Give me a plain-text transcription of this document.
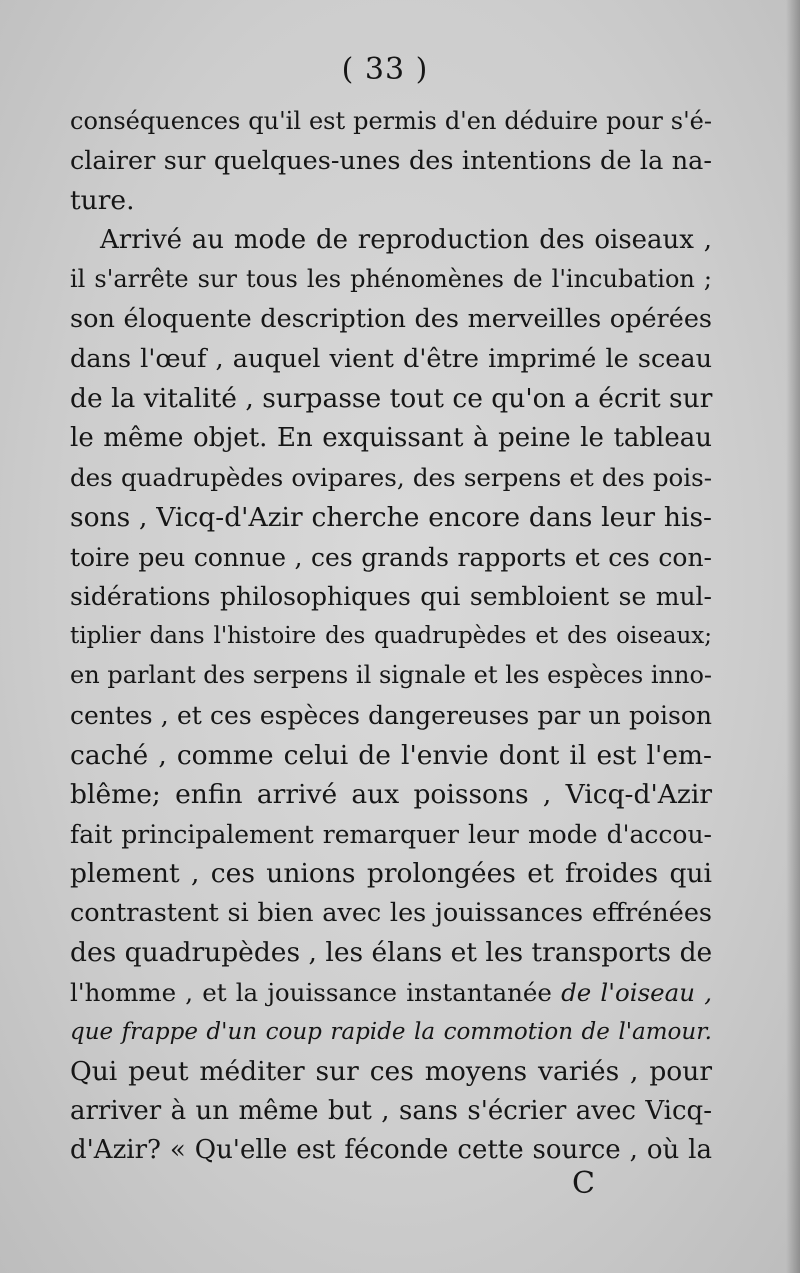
( 33 )
conséquences qu'il est permis d'en déduire pour s'é-
clairer sur quelques-unes des intentions de la na-
ture.
Arrivé au mode de reproduction des oiseaux ,
il s'arrête sur tous les phénomènes de l'incubation ;
son éloquente description des merveilles opérées
dans l'œuf , auquel vient d'être imprimé le sceau
de la vitalité , surpasse tout ce qu'on a écrit sur
le même objet. En exquissant à peine le tableau
des quadrupèdes ovipares, des serpens et des pois-
sons , Vicq-d'Azir cherche encore dans leur his-
toire peu connue , ces grands rapports et ces con-
sidérations philosophiques qui sembloient se mul-
tiplier dans l'histoire des quadrupèdes et des oiseaux;
en parlant des serpens il signale et les espèces inno-
centes , et ces espèces dangereuses par un poison
caché , comme celui de l'envie dont il est l'em-
blême; enfin arrivé aux poissons , Vicq-d'Azir
fait principalement remarquer leur mode d'accou-
plement , ces unions prolongées et froides qui
contrastent si bien avec les jouissances effrénées
des quadrupèdes , les élans et les transports de
l'homme , et la jouissance instantanée de l'oiseau ,
que frappe d'un coup rapide la commotion de l'amour.
Qui peut méditer sur ces moyens variés , pour
arriver à un même but , sans s'écrier avec Vicq-
d'Azir? « Qu'elle est féconde cette source , où la
C
